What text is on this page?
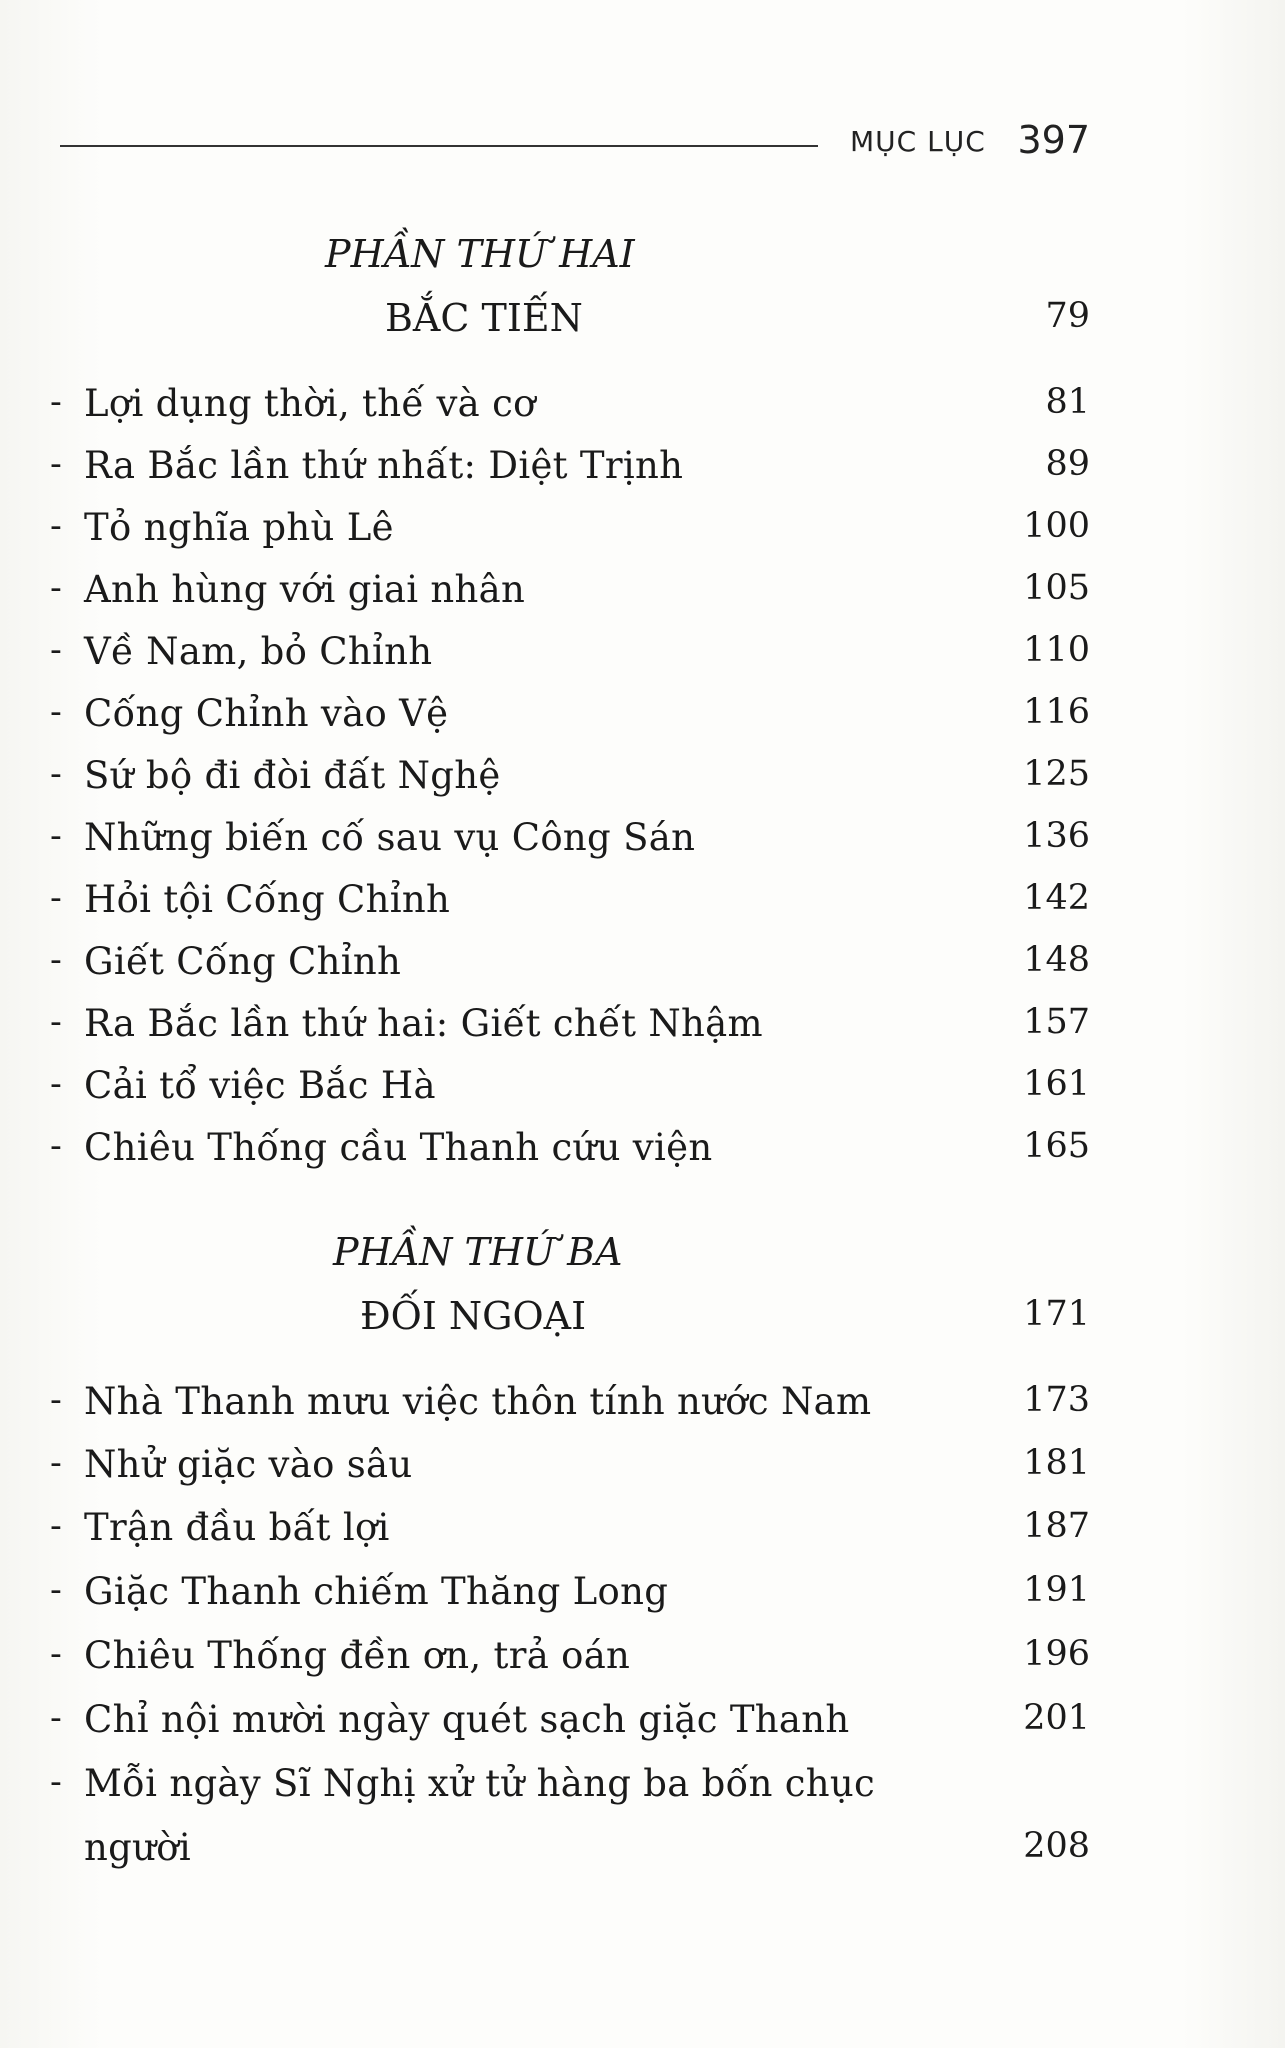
MỤC LỤC 397
PHẦN THỨ HAI
BẮC TIẾN	79
- Lợi dụng thời, thế và cơ	81
- Ra Bắc lần thứ nhất: Diệt Trịnh	89
- Tỏ nghĩa phù Lê	100
- Anh hùng với giai nhân	105
- Về Nam, bỏ Chỉnh	110
- Cống Chỉnh vào Vệ	116
- Sứ bộ đi đòi đất Nghệ	125
- Những biến cố sau vụ Công Sán	136
- Hỏi tội Cống Chỉnh	142
- Giết Cống Chỉnh	148
- Ra Bắc lần thứ hai: Giết chết Nhậm	157
- Cải tổ việc Bắc Hà	161
- Chiêu Thống cầu Thanh cứu viện	165
PHẦN THỨ BA
ĐỐI NGOẠI	171
- Nhà Thanh mưu việc thôn tính nước Nam	173
- Nhử giặc vào sâu	181
- Trận đầu bất lợi	187
- Giặc Thanh chiếm Thăng Long	191
- Chiêu Thống đền ơn, trả oán	196
- Chỉ nội mười ngày quét sạch giặc Thanh	201
- Mỗi ngày Sĩ Nghị xử tử hàng ba bốn chục
người	208
